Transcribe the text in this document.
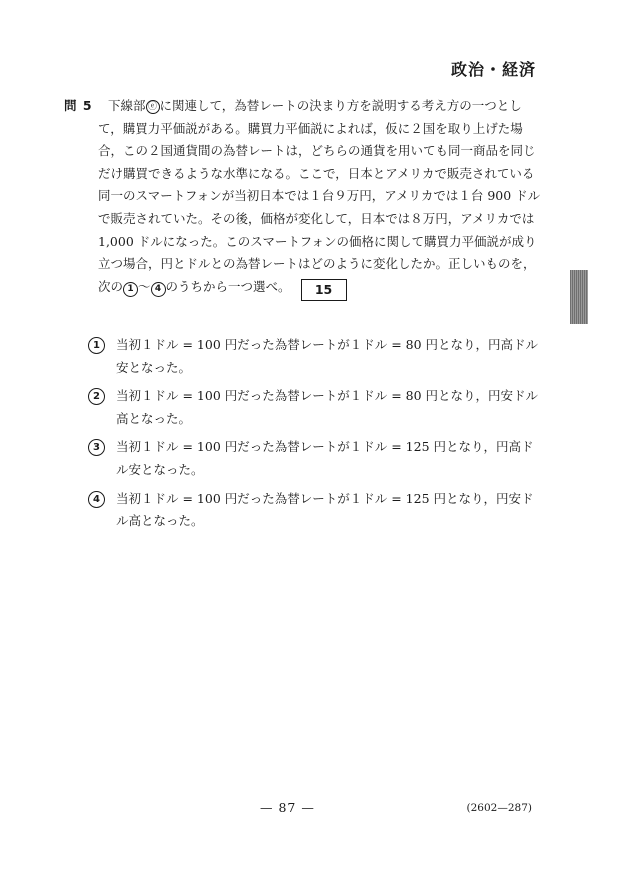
政治・経済
問 5 下線部 ⓔ に関連して，為替レートの決まり方を説明する考え方の一つとし
て，購買力平価説がある。購買力平価説によれば，仮に２国を取り上げた場
合，この２国通貨間の為替レートは，どちらの通貨を用いても同一商品を同じ
だけ購買できるような水準になる。ここで，日本とアメリカで販売されている
同一のスマートフォンが当初日本では１台９万円，アメリカでは１台 900 ドル
で販売されていた。その後，価格が変化して，日本では８万円，アメリカでは
1,000 ドルになった。このスマートフォンの価格に関して購買力平価説が成り
立つ場合，円とドルとの為替レートはどのように変化したか。正しいものを，
次の 1 ～ 4 のうちから一つ選べ。 15
1	当初１ドル = 100 円だった為替レートが１ドル = 80 円となり，円高ドル
安となった。
2	当初１ドル = 100 円だった為替レートが１ドル = 80 円となり，円安ドル
高となった。
3	当初１ドル = 100 円だった為替レートが１ドル = 125 円となり，円高ド
ル安となった。
4	当初１ドル = 100 円だった為替レートが１ドル = 125 円となり，円安ド
ル高となった。
— 87 —	(2602—287)
